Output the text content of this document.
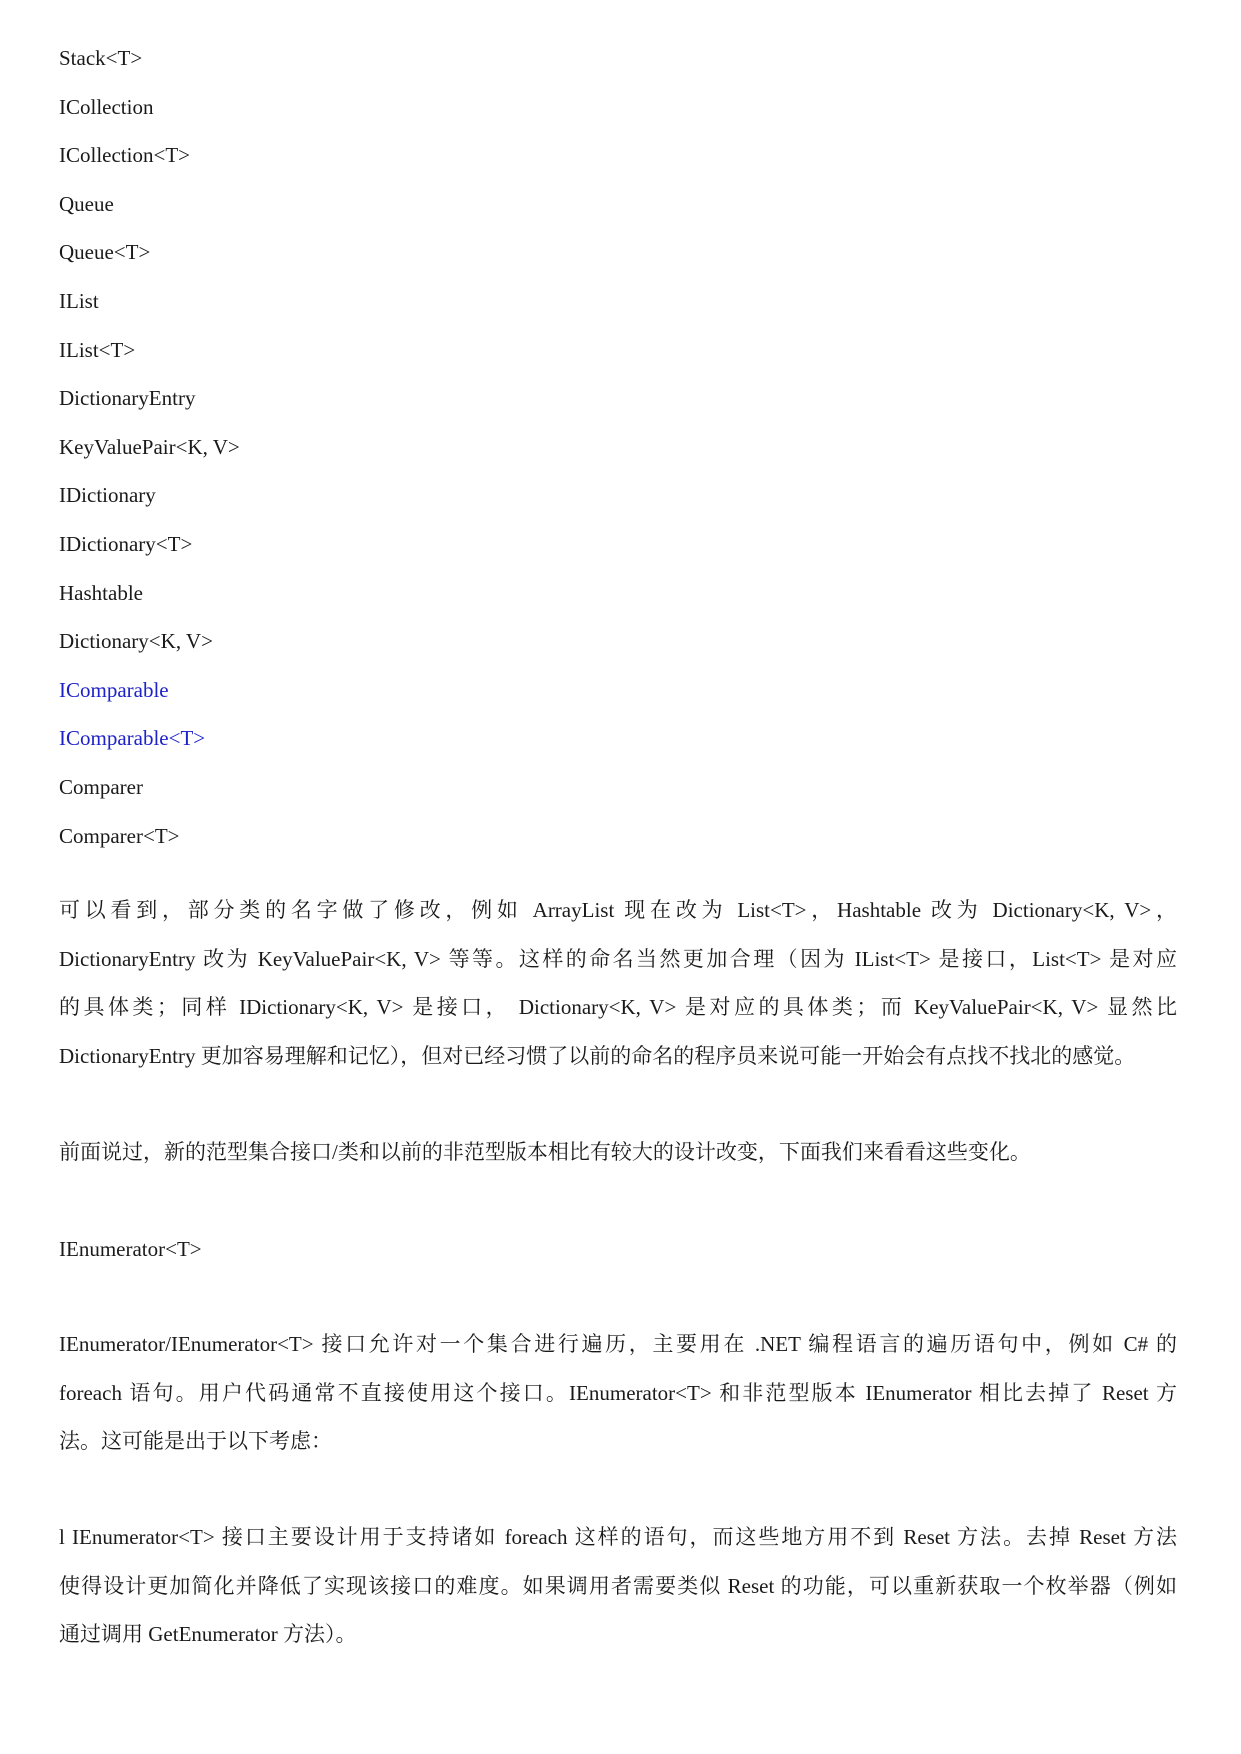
Stack<T>
ICollection
ICollection<T>
Queue
Queue<T>
IList
IList<T>
DictionaryEntry
KeyValuePair<K, V>
IDictionary
IDictionary<T>
Hashtable
Dictionary<K, V>
IComparable
IComparable<T>
Comparer
Comparer<T>
可以看到，部分类的名字做了修改，例如 ArrayList 现在改为 List<T>，Hashtable 改为 Dictionary<K, V>，
DictionaryEntry 改为 KeyValuePair<K, V> 等等。这样的命名当然更加合理（因为 IList<T> 是接口，List<T> 是对应
的具体类；同样 IDictionary<K, V> 是接口， Dictionary<K, V> 是对应的具体类；而 KeyValuePair<K, V> 显然比
DictionaryEntry 更加容易理解和记忆），但对已经习惯了以前的命名的程序员来说可能一开始会有点找不找北的感觉。

前面说过，新的范型集合接口/类和以前的非范型版本相比有较大的设计改变，下面我们来看看这些变化。

IEnumerator<T>
IEnumerator/IEnumerator<T> 接口允许对一个集合进行遍历，主要用在 .NET 编程语言的遍历语句中，例如 C# 的
foreach 语句。用户代码通常不直接使用这个接口。IEnumerator<T> 和非范型版本 IEnumerator 相比去掉了 Reset 方
法。这可能是出于以下考虑：
l IEnumerator<T> 接口主要设计用于支持诸如 foreach 这样的语句，而这些地方用不到 Reset 方法。去掉 Reset 方法
使得设计更加简化并降低了实现该接口的难度。如果调用者需要类似 Reset 的功能，可以重新获取一个枚举器（例如
通过调用 GetEnumerator 方法）。
